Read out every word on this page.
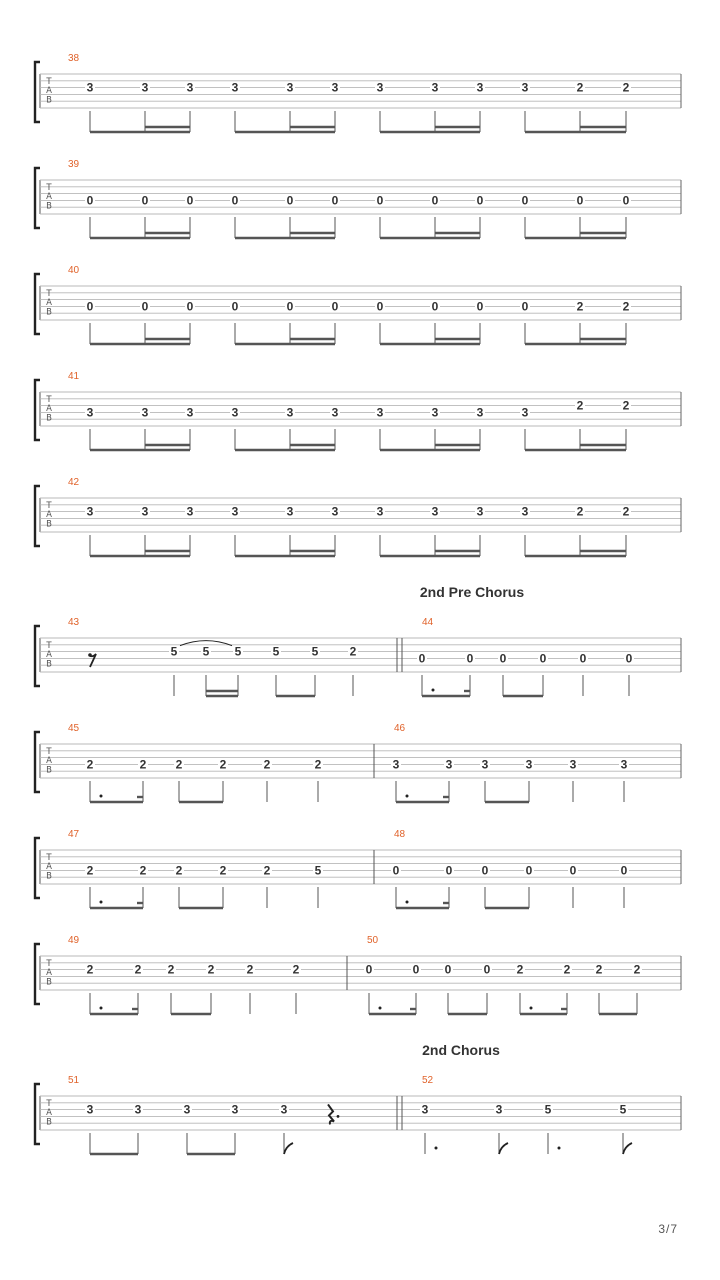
T
A
B
38
3	3	3	3	3	3	3	3	3	3	2	2
T
A
B
39
0	0	0	0	0	0	0	0	0	0	0	0
T
A
B
40
0	0	0	0	0	0	0	0	0	0	2	2
T
A
B
41
3	3	3	3	3	3	3	3	3	3	2	2
T
A
B
42
3	3	3	3	3	3	3	3	3	3	2	2
T
A
B
2nd Pre Chorus
43
5 5 5	5	5	2
44
0	0 0	0	0	0
T
A
B
45
2	2 2	2	2	2
46
3	3 3	3	3	3
T
A
B
47
2	2 2	2	2	5
48
0	0 0	0	0	0
T
A
B
49
2	2 2	2	2	2
50
0	0 0	0 2	2 2	2
T
A
B
2nd Chorus
51
3	3	3	3	3
52
3	3	5	5
3/7
